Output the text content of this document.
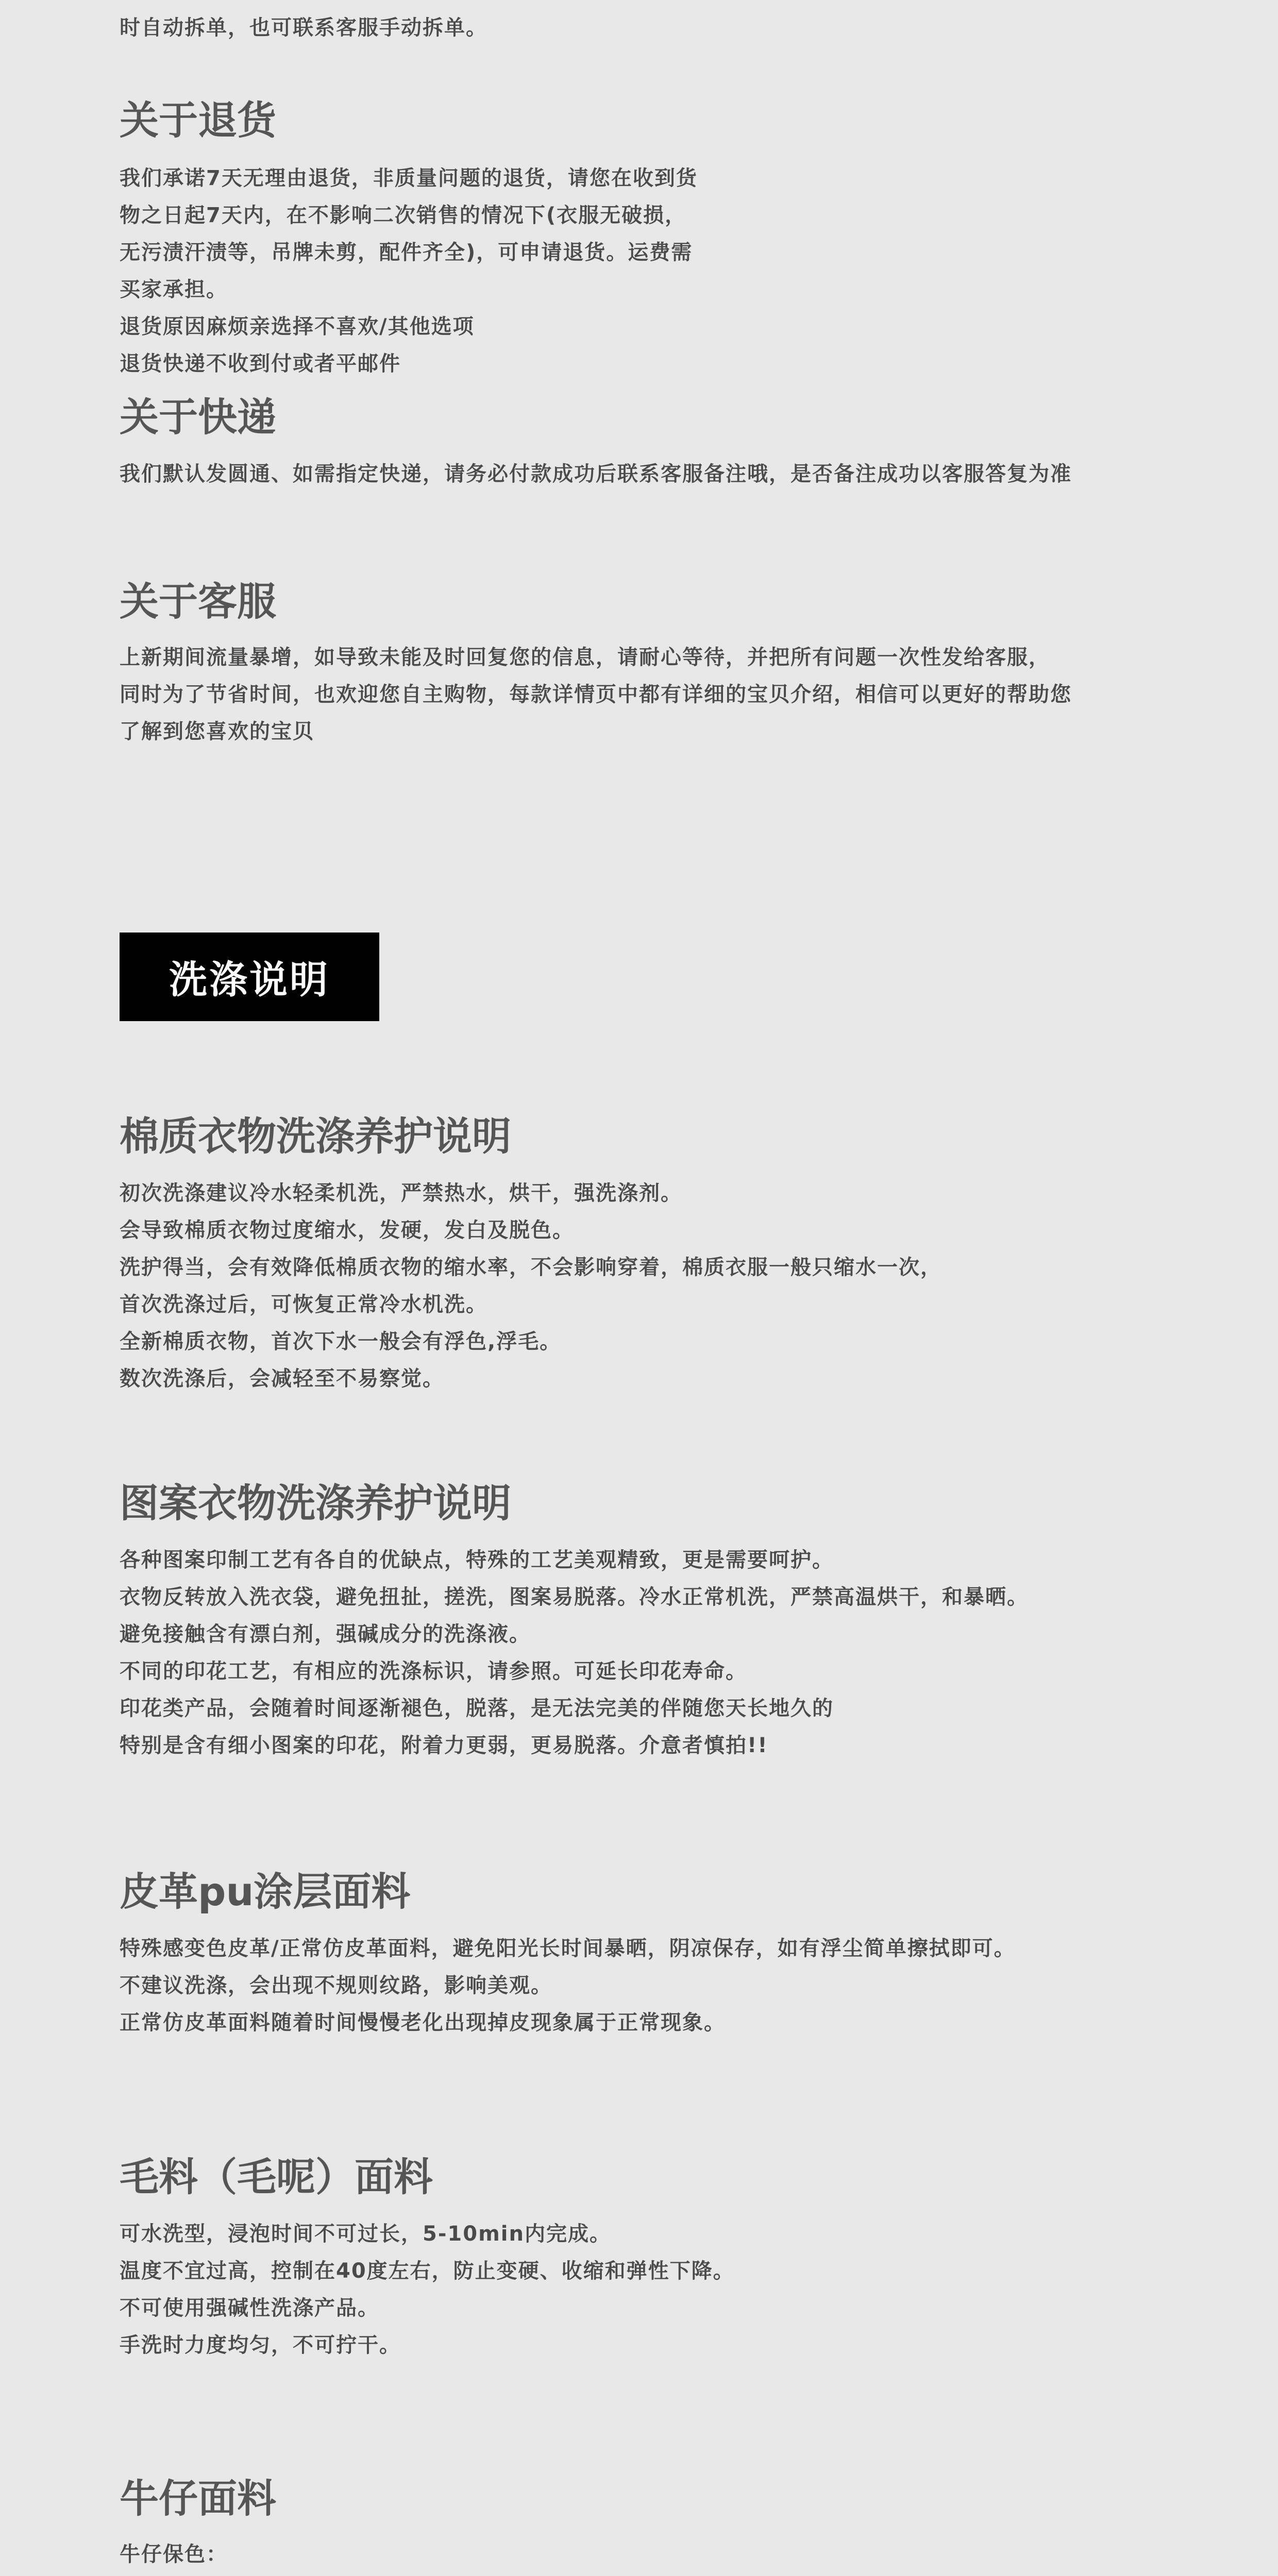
时自动拆单，也可联系客服手动拆单。
关于退货
我们承诺7天无理由退货，非质量问题的退货，请您在收到货
物之日起7天内，在不影响二次销售的情况下(衣服无破损，
无污渍汗渍等，吊牌未剪，配件齐全)，可申请退货。运费需
买家承担。
退货原因麻烦亲选择不喜欢/其他选项
退货快递不收到付或者平邮件
关于快递
我们默认发圆通、如需指定快递，请务必付款成功后联系客服备注哦，是否备注成功以客服答复为准
关于客服
上新期间流量暴增，如导致未能及时回复您的信息，请耐心等待，并把所有问题一次性发给客服，
同时为了节省时间，也欢迎您自主购物，每款详情页中都有详细的宝贝介绍，相信可以更好的帮助您
了解到您喜欢的宝贝
洗涤说明
棉质衣物洗涤养护说明
初次洗涤建议冷水轻柔机洗，严禁热水，烘干，强洗涤剂。
会导致棉质衣物过度缩水，发硬，发白及脱色。
洗护得当，会有效降低棉质衣物的缩水率，不会影响穿着，棉质衣服一般只缩水一次，
首次洗涤过后，可恢复正常冷水机洗。
全新棉质衣物，首次下水一般会有浮色,浮毛。
数次洗涤后，会减轻至不易察觉。
图案衣物洗涤养护说明
各种图案印制工艺有各自的优缺点，特殊的工艺美观精致，更是需要呵护。
衣物反转放入洗衣袋，避免扭扯，搓洗，图案易脱落。冷水正常机洗，严禁高温烘干，和暴晒。
避免接触含有漂白剂，强碱成分的洗涤液。
不同的印花工艺，有相应的洗涤标识，请参照。可延长印花寿命。
印花类产品，会随着时间逐渐褪色，脱落，是无法完美的伴随您天长地久的
特别是含有细小图案的印花，附着力更弱，更易脱落。介意者慎拍!!
皮革pu涂层面料
特殊感变色皮革/正常仿皮革面料，避免阳光长时间暴晒，阴凉保存，如有浮尘简单擦拭即可。
不建议洗涤，会出现不规则纹路，影响美观。
正常仿皮革面料随着时间慢慢老化出现掉皮现象属于正常现象。
毛料（毛呢）面料
可水洗型，浸泡时间不可过长，5-10min内完成。
温度不宜过高，控制在40度左右，防止变硬、收缩和弹性下降。
不可使用强碱性洗涤产品。
手洗时力度均匀，不可拧干。
牛仔面料
牛仔保色：
